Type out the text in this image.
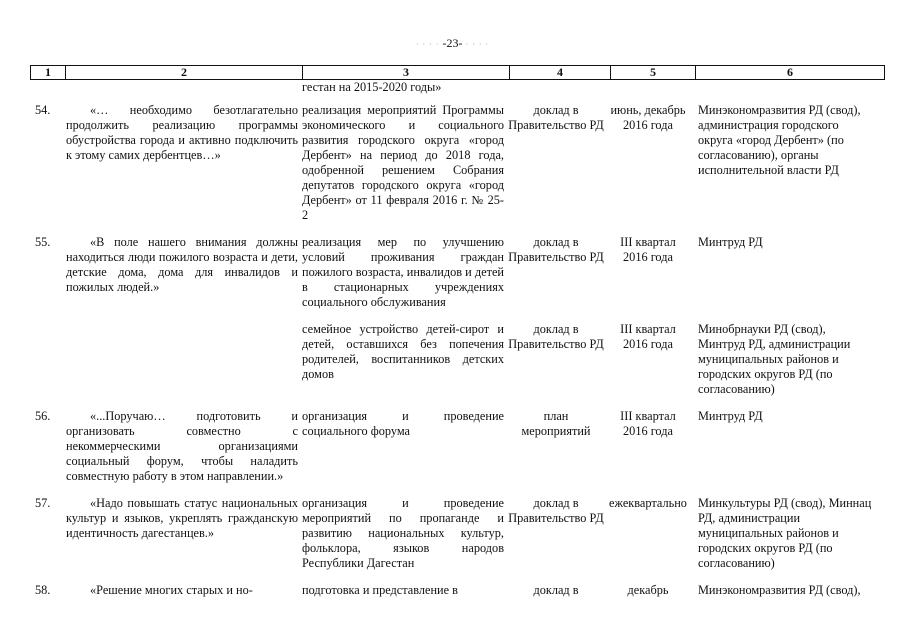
· · · · -23- · · · ·
1	2	3	4	5	6
		гестан на 2015-2020 годы»			
54.	«… необходимо безотлагательно продолжить реализацию программы обустройства города и активно подключить к этому самих дербентцев…»	реализация мероприятий Программы экономического и социального развития городского округа «город Дербент» на период до 2018 года, одобренной решением Собрания депутатов городского округа «город Дербент» от 11 февраля 2016 г. № 25-2	доклад в Правительство РД	июнь, декабрь 2016 года	Минэкономразвития РД (свод), администрация городского округа «город Дербент» (по согласованию), органы исполнительной власти РД

55.	«В поле нашего внимания должны находиться люди пожилого возраста и дети, детские дома, дома для инвалидов и пожилых людей.»	реализация мер по улучшению условий проживания граждан пожилого возраста, инвалидов и детей в стационарных учреждениях социального обслуживания	доклад в Правительство РД	III квартал 2016 года	Минтруд РД

		семейное устройство детей-сирот и детей, оставшихся без попечения родителей, воспитанников детских домов	доклад в Правительство РД	III квартал 2016 года	Минобрнауки РД (свод), Минтруд РД, администрации муниципальных районов и городских округов РД (по согласованию)

56.	«...Поручаю… подготовить и организовать совместно с некоммерческими организациями социальный форум, чтобы наладить совместную работу в этом направлении.»	организация и проведение социального форума	план мероприятий	III квартал 2016 года	Минтруд РД

57.	«Надо повышать статус национальных культур и языков, укреплять гражданскую идентичность дагестанцев.»	организация и проведение мероприятий по пропаганде и развитию национальных культур, фольклора, языков народов Республики Дагестан	доклад в Правительство РД	ежеквартально	Минкультуры РД (свод), Миннац РД, администрации муниципальных районов и городских округов РД (по согласованию)

58.	«Решение многих старых и но-	подготовка и представление в	доклад в	декабрь	Минэкономразвития РД (свод),
